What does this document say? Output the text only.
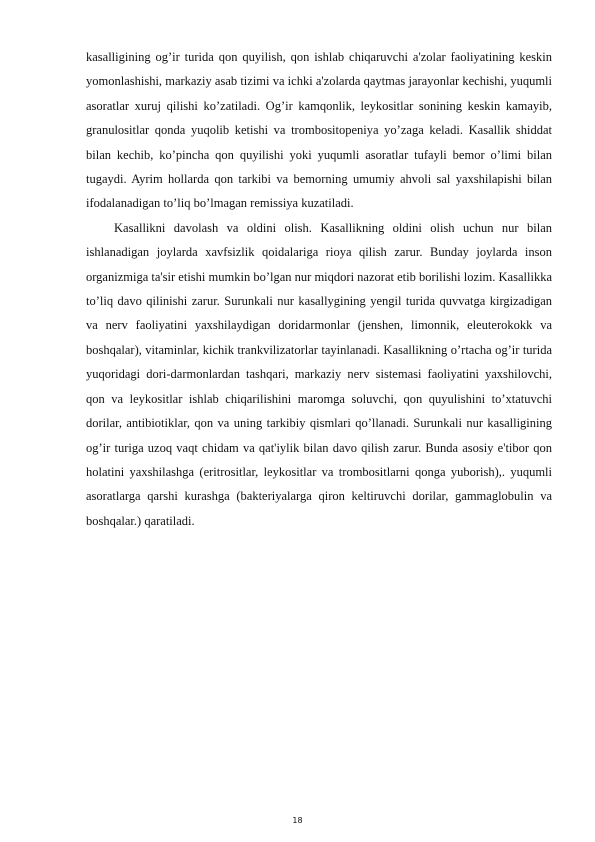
kasalligining og’ir turida qon quyilish, qon ishlab chiqaruvchi a'zolar faoliyatining keskin yomonlashishi, markaziy asab tizimi va ichki a'zolarda qaytmas jarayonlar kechishi, yuqumli asoratlar xuruj qilishi ko’zatiladi. Og’ir kamqonlik, leykositlar sonining keskin kamayib, granulositlar qonda yuqolib ketishi va trombositopeniya yo’zaga keladi. Kasallik shiddat bilan kechib, ko’pincha qon quyilishi yoki yuqumli asoratlar tufayli bemor o’limi bilan tugaydi. Ayrim hollarda qon tarkibi va bemorning umumiy ahvoli sal yaxshilapishi bilan ifodalanadigan to’liq bo’lmagan remissiya kuzatiladi.

Kasallikni davolash va oldini olish. Kasallikning oldini olish uchun nur bilan ishlanadigan joylarda xavfsizlik qoidalariga rioya qilish zarur. Bunday joylarda inson organizmiga ta'sir etishi mumkin bo’lgan nur miqdori nazorat etib borilishi lozim. Kasallikka to’liq davo qilinishi zarur. Surunkali nur kasallygining yengil turida quvvatga kirgizadigan va nerv faoliyatini yaxshilaydigan doridarmonlar (jenshen, limonnik, eleuterokokk va boshqalar), vitaminlar, kichik trankvilizatorlar tayinlanadi. Kasallikning o’rtacha og’ir turida yuqoridagi dori-darmonlardan tashqari, markaziy nerv sistemasi faoliyatini yaxshilovchi, qon va leykositlar ishlab chiqarilishini maromga soluvchi, qon quyulishini to’xtatuvchi dorilar, antibiotiklar, qon va uning tarkibiy qismlari qo’llanadi. Surunkali nur kasalligining og’ir turiga uzoq vaqt chidam va qat'iylik bilan davo qilish zarur. Bunda asosiy e'tibor qon holatini yaxshilashga (eritrositlar, leykositlar va trombositlarni qonga yuborish),. yuqumli asoratlarga qarshi kurashga (bakteriyalarga qiron keltiruvchi dorilar, gammaglobulin va boshqalar.) qaratiladi.

18
